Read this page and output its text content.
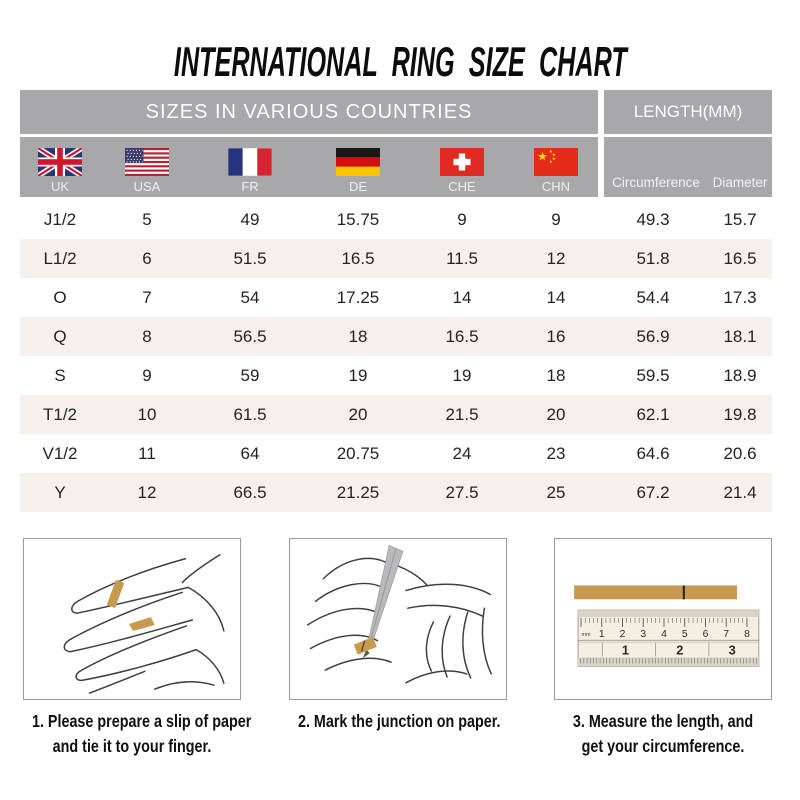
INTERNATIONAL RING SIZE CHART
SIZES IN VARIOUS COUNTRIES	LENGTH(MM)
UK	USA	FR	DE	CHE	CHN	Circumference Diameter
J1/2	5	49	15.75	9	9	49.3	15.7
L1/2	6	51.5	16.5	11.5	12	51.8	16.5
O	7	54	17.25	14	14	54.4	17.3
Q	8	56.5	18	16.5	16	56.9	18.1
S	9	59	19	19	18	59.5	18.9
T1/2	10	61.5	20	21.5	20	62.1	19.8
V1/2	11	64	20.75	24	23	64.6	20.6
Y	12	66.5	21.25	27.5	25	67.2	21.4
1. Please prepare a slip of paper
and tie it to your finger.
2. Mark the junction on paper.
mm 1 2 3 4 5 6 7 8
1	2	3
3. Measure the length, and
get your circumference.
